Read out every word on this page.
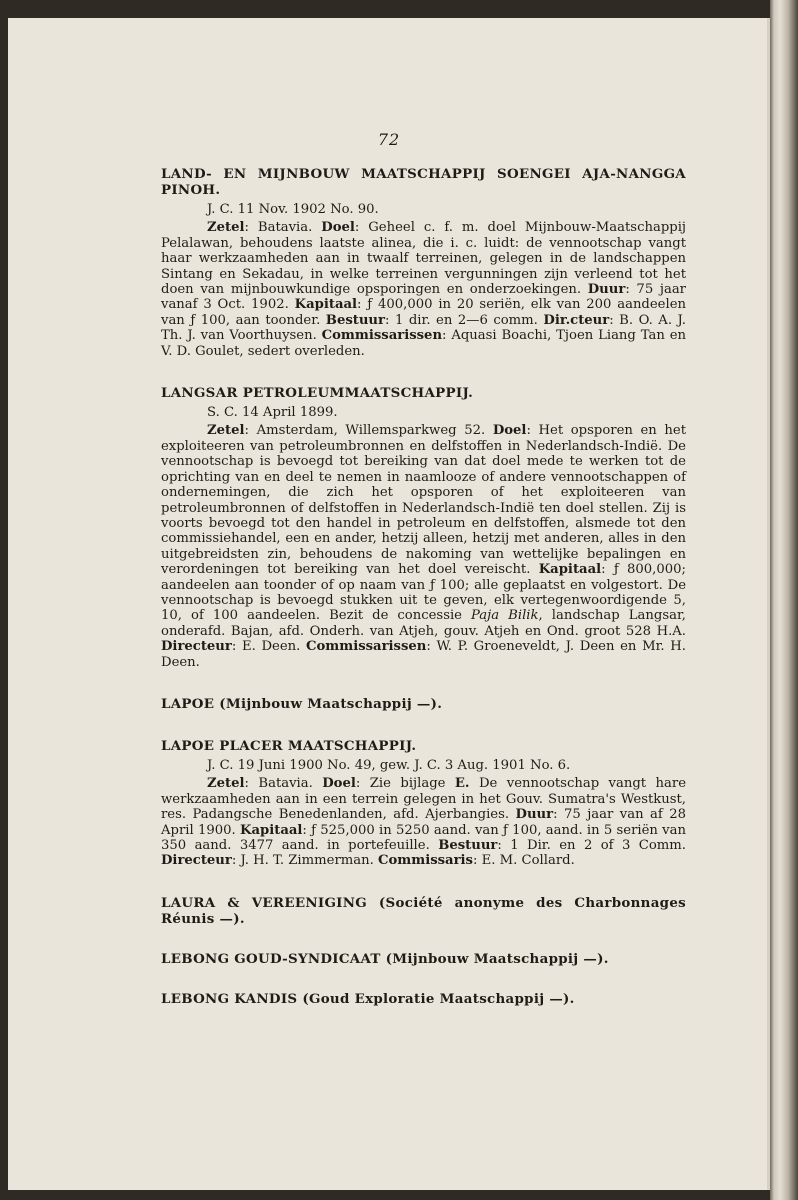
72
LAND- EN MIJNBOUW MAATSCHAPPIJ SOENGEI AJA-NANGGA PINOH.
J. C. 11 Nov. 1902 No. 90.
Zetel: Batavia. Doel: Geheel c. f. m. doel Mijnbouw-Maatschappij Pelalawan, behoudens laatste alinea, die i. c. luidt: de vennootschap vangt haar werkzaamheden aan in twaalf terreinen, gelegen in de landschappen Sintang en Sekadau, in welke terreinen vergunningen zijn verleend tot het doen van mijnbouwkundige opsporingen en onderzoekingen. Duur: 75 jaar vanaf 3 Oct. 1902. Kapitaal: ƒ 400,000 in 20 seriën, elk van 200 aandeelen van ƒ 100, aan toonder. Bestuur: 1 dir. en 2—6 comm. Dir.cteur: B. O. A. J. Th. J. van Voorthuysen. Commissarissen: Aquasi Boachi, Tjoen Liang Tan en V. D. Goulet, sedert overleden.
LANGSAR PETROLEUMMAATSCHAPPIJ.
S. C. 14 April 1899.
Zetel: Amsterdam, Willemsparkweg 52. Doel: Het opsporen en het exploiteeren van petroleumbronnen en delfstoffen in Nederlandsch-Indië. De vennootschap is bevoegd tot bereiking van dat doel mede te werken tot de oprichting van en deel te nemen in naamlooze of andere vennootschappen of ondernemingen, die zich het opsporen of het exploiteeren van petroleumbronnen of delfstoffen in Nederlandsch-Indië ten doel stellen. Zij is voorts bevoegd tot den handel in petroleum en delfstoffen, alsmede tot den commissiehandel, een en ander, hetzij alleen, hetzij met anderen, alles in den uitgebreidsten zin, behoudens de nakoming van wettelijke bepalingen en verordeningen tot bereiking van het doel vereischt. Kapitaal: ƒ 800,000; aandeelen aan toonder of op naam van ƒ 100; alle geplaatst en volgestort. De vennootschap is bevoegd stukken uit te geven, elk vertegenwoordigende 5, 10, of 100 aandeelen. Bezit de concessie Paja Bilik, landschap Langsar, onderafd. Bajan, afd. Onderh. van Atjeh, gouv. Atjeh en Ond. groot 528 H.A. Directeur: E. Deen. Commissarissen: W. P. Groeneveldt, J. Deen en Mr. H. Deen.
LAPOE (Mijnbouw Maatschappij —).
LAPOE PLACER MAATSCHAPPIJ.
J. C. 19 Juni 1900 No. 49, gew. J. C. 3 Aug. 1901 No. 6.
Zetel: Batavia. Doel: Zie bijlage E. De vennootschap vangt hare werkzaamheden aan in een terrein gelegen in het Gouv. Sumatra's Westkust, res. Padangsche Benedenlanden, afd. Ajerbangies. Duur: 75 jaar van af 28 April 1900. Kapitaal: ƒ 525,000 in 5250 aand. van ƒ 100, aand. in 5 seriën van 350 aand. 3477 aand. in portefeuille. Bestuur: 1 Dir. en 2 of 3 Comm. Directeur: J. H. T. Zimmerman. Commissaris: E. M. Collard.
LAURA & VEREENIGING (Société anonyme des Charbonnages Réunis —).
LEBONG GOUD-SYNDICAAT (Mijnbouw Maatschappij —).
LEBONG KANDIS (Goud Exploratie Maatschappij —).
